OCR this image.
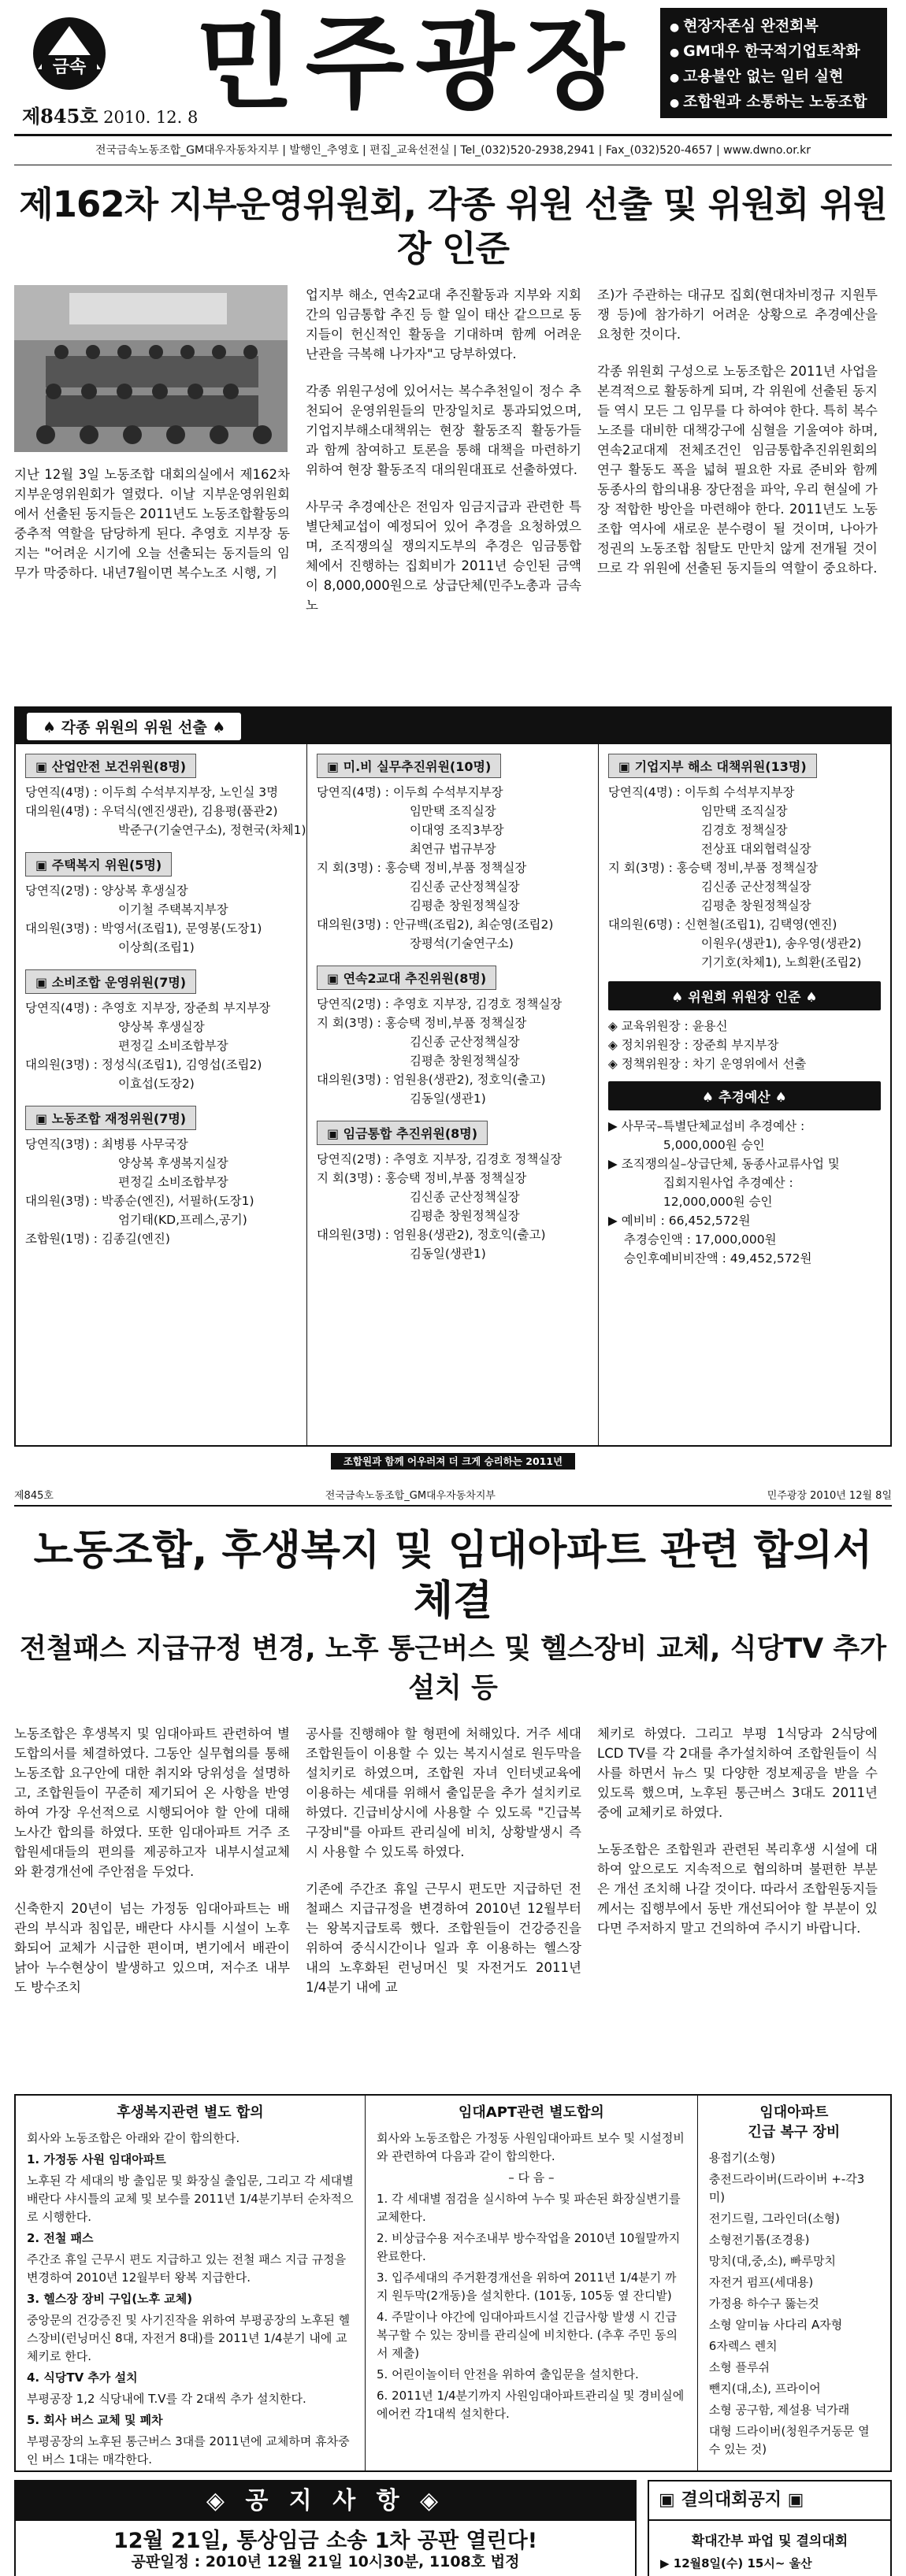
금속
제845호 2010. 12. 8
민주광장
●	현장자존심 완전회복
● GM대우 한국적기업토착화
● 고용불안 없는 일터 실현
● 조합원과 소통하는 노동조합
전국금속노동조합_GM대우자동차지부 | 발행인_추영호 | 편집_교육선전실 | Tel_(032)520-2938,2941 | Fax_(032)520-4657 | www.dwno.or.kr
제162차 지부운영위원회, 각종 위원 선출 및 위원회 위원장 인준

지난 12월 3일 노동조합 대회의실에서 제162차 지부운영위원회가 열렸다. 이날 지부운영위원회에서 선출된 동지들은 2011년도 노동조합활동의 중추적 역할을 담당하게 된다. 추영호 지부장 동지는 "어려운 시기에 오늘 선출되는 동지들의 임무가 막중하다. 내년7월이면 복수노조 시행, 기

업지부 해소, 연속2교대 추진활동과 지부와 지회간의 임금통합 추진 등 할 일이 태산 같으므로 동지들이 헌신적인 활동을 기대하며 함께 어려운 난관을 극복해 나가자"고 당부하였다.

각종 위원구성에 있어서는 복수추천일이 정수 추천되어 운영위원들의 만장일치로 통과되었으며, 기업지부해소대책위는 현장 활동조직 활동가들과 함께 참여하고 토론을 통해 대책을 마련하기 위하여 현장 활동조직 대의원대표로 선출하였다.

사무국 추경예산은 전임자 임금지급과 관련한 특별단체교섭이 예정되어 있어 추경을 요청하였으며, 조직쟁의실 쟁의지도부의 추경은 임금통합 체에서 진행하는 집회비가 2011년 승인된 금액이 8,000,000원으로 상급단체(민주노총과 금속노

조)가 주관하는 대규모 집회(현대차비정규 지원투쟁 등)에 참가하기 어려운 상황으로 추경예산을 요청한 것이다.

각종 위원회 구성으로 노동조합은 2011년 사업을 본격적으로 활동하게 되며, 각 위원에 선출된 동지들 역시 모든 그 임무를 다 하여야 한다. 특히 복수노조를 대비한 대책강구에 심혈을 기울여야 하며, 연속2교대제 전체조건인 임금통합추진위원회의 연구 활동도 폭을 넓혀 필요한 자료 준비와 함께 동종사의 합의내용 장단점을 파악, 우리 현실에 가장 적합한 방안을 마련해야 한다. 2011년도 노동조합 역사에 새로운 분수령이 될 것이며, 나아가 정권의 노동조합 침탈도 만만치 않게 전개될 것이므로 각 위원에 선출된 동지들의 역할이 중요하다.

♠ 각종 위원의 위원 선출 ♠
▣ 산업안전 보건위원(8명)
당연직(4명) : 이두희 수석부지부장, 노인실 3명
대의원(4명) : 우덕식(엔진생관), 김용평(품관2)
박준구(기술연구소), 정현국(차체1)
▣ 주택복지 위원(5명)
당연직(2명) : 양상복 후생실장
이기철 주택복지부장
대의원(3명) : 박영서(조립1), 문영봉(도장1)
이상희(조립1)
▣ 소비조합 운영위원(7명)
당연직(4명) : 추영호 지부장, 장준희 부지부장
양상복 후생실장
편정길 소비조합부장
대의원(3명) : 정성식(조립1), 김영섭(조립2)
이효섭(도장2)
▣ 노동조합 재정위원(7명)
당연직(3명) : 최병룡 사무국장
양상복 후생복지실장
편정길 소비조합부장
대의원(3명) : 박종순(엔진), 서필하(도장1)
엄기태(KD,프레스,공기)
조합원(1명) : 김종길(엔진)
▣ 미.비 실무추진위원(10명)
당연직(4명) : 이두희 수석부지부장
임만택 조직실장
이대영 조직3부장
최연규 법규부장
지 회(3명) : 홍승택 정비,부품 정책실장
김신종 군산정책실장
김평춘 창원정책실장
대의원(3명) : 안규백(조립2), 최순영(조립2)
장평석(기술연구소)
▣ 연속2교대 추진위원(8명)
당연직(2명) : 추영호 지부장, 김경호 정책실장
지 회(3명) : 홍승택 정비,부품 정책실장
김신종 군산정책실장
김평춘 창원정책실장
대의원(3명) : 엄원용(생관2), 정호익(출고)
김동일(생관1)
▣ 임금통합 추진위원(8명)
당연직(2명) : 추영호 지부장, 김경호 정책실장
지 회(3명) : 홍승택 정비,부품 정책실장
김신종 군산정책실장
김평춘 창원정책실장
대의원(3명) : 엄원용(생관2), 정호익(출고)
김동일(생관1)
▣ 기업지부 해소 대책위원(13명)
당연직(4명) : 이두희 수석부지부장
임만택 조직실장
김경호 정책실장
전상표 대외협력실장
지 회(3명) : 홍승택 정비,부품 정책실장
김신종 군산정책실장
김평춘 창원정책실장
대의원(6명) : 신현철(조립1), 김택영(엔진)
이원우(생관1), 송우영(생관2)
기기호(차체1), 노희환(조립2)
♠ 위원회 위원장 인준 ♠
◈ 교육위원장 : 윤용신
◈ 정치위원장 : 장준희 부지부장
◈ 정책위원장 : 차기 운영위에서 선출
♠ 추경예산 ♠
▶ 사무국–특별단체교섭비 추경예산 :
5,000,000원 승인
▶ 조직쟁의실–상급단체, 동종사교류사업 및
집회지원사업 추경예산 :
12,000,000원 승인
▶ 예비비 : 66,452,572원
추경승인액 : 17,000,000원
승인후예비비잔액 : 49,452,572원
조합원과 함께 어우러져 더 크게 승리하는 2011년
제845호	전국금속노동조합_GM대우자동차지부	민주광장 2010년 12월 8일
노동조합, 후생복지 및 임대아파트 관련 합의서 체결
전철패스 지급규정 변경, 노후 통근버스 및 헬스장비 교체, 식당TV 추가설치 등

노동조합은 후생복지 및 임대아파트 관련하여 별도합의서를 체결하였다. 그동안 실무협의를 통해 노동조합 요구안에 대한 취지와 당위성을 설명하고, 조합원들이 꾸준히 제기되어 온 사항을 반영하여 가장 우선적으로 시행되어야 할 안에 대해 노사간 합의를 하였다. 또한 임대아파트 거주 조합원세대들의 편의를 제공하고자 내부시설교체와 환경개선에 주안점을 두었다.

신축한지 20년이 넘는 가정동 임대아파트는 배관의 부식과 침입문, 배란다 샤시틀 시설이 노후화되어 교체가 시급한 편이며, 변기에서 배관이 낡아 누수현상이 발생하고 있으며, 저수조 내부도 방수조치

공사를 진행해야 할 형편에 처해있다. 거주 세대조합원들이 이용할 수 있는 복지시설로 원두막을 설치키로 하였으며, 조합원 자녀 인터넷교육에 이용하는 세대를 위해서 출입문을 추가 설치키로 하였다. 긴급비상시에 사용할 수 있도록 "긴급복구장비"를 아파트 관리실에 비치, 상황발생시 즉시 사용할 수 있도록 하였다.

기존에 주간조 휴일 근무시 편도만 지급하던 전철패스 지급규정을 변경하여 2010년 12월부터는 왕복지급토록 했다. 조합원들이 건강증진을 위하여 중식시간이나 일과 후 이용하는 헬스장 내의 노후화된 런닝머신 및 자전거도 2011년 1/4분기 내에 교

체키로 하였다. 그리고 부평 1식당과 2식당에 LCD TV를 각 2대를 추가설치하여 조합원들이 식사를 하면서 뉴스 및 다양한 정보제공을 받을 수 있도록 했으며, 노후된 통근버스 3대도 2011년 중에 교체키로 하였다.

노동조합은 조합원과 관련된 복리후생 시설에 대하여 앞으로도 지속적으로 협의하며 불편한 부분은 개선 조치해 나갈 것이다. 따라서 조합원동지들께서는 집행부에서 동반 개선되어야 할 부분이 있다면 주저하지 말고 건의하여 주시기 바랍니다.

후생복지관련 별도 합의

회사와 노동조합은 아래와 같이 합의한다.

1. 가정동 사원 임대아파트

노후된 각 세대의 방 출입문 및 화장실 출입문, 그리고 각 세대별 배란다 샤시틀의 교체 및 보수를 2011년 1/4분기부터 순차적으로 시행한다.

2. 전철 패스

주간조 휴일 근무시 편도 지급하고 있는 전철 패스 지급 규정을 변경하여 2010년 12월부터 왕복 지급한다.

3. 헬스장 장비 구입(노후 교체)

중앙문의 건강증진 및 사기진작을 위하여 부평공장의 노후된 헬스장비(런닝머신 8대, 자전거 8대)를 2011년 1/4분기 내에 교체키로 한다.

4. 식당TV 추가 설치

부평공장 1,2 식당내에 T.V를 각 2대씩 추가 설치한다.

5. 회사 버스 교체 및 폐차

부평공장의 노후된 통근버스 3대를 2011년에 교체하며 휴차중인 버스 1대는 매각한다.

임대APT관련 별도합의

회사와 노동조합은 가정동 사원임대아파트 보수 및 시설정비와 관련하여 다음과 같이 합의한다.

– 다 음 –

1. 각 세대별 점검을 실시하여 누수 및 파손된 화장실변기를 교체한다.

2. 비상급수용 저수조내부 방수작업을 2010년 10월말까지 완료한다.

3. 입주세대의 주거환경개선을 위하여 2011년 1/4분기 까지 원두막(2개동)을 설치한다. (101동, 105동 옆 잔디밭)

4. 주말이나 야간에 임대아파트시설 긴급사항 발생 시 긴급 복구할 수 있는 장비를 관리실에 비치한다. (추후 주민 동의서 제출)

5. 어린이놀이터 안전을 위하여 출입문을 설치한다.

6. 2011년 1/4분기까지 사원임대아파트관리실 및 경비실에 에어컨 각1대씩 설치한다.

임대아파트
긴급 복구 장비

용접기(소형)

충전드라이버(드라이버 +-각3미)

전기드릴, 그라인더(소형)

소형전기톱(조경용)

망치(대,중,소), 빠루망치

자전거 펌프(세대용)

가정용 하수구 뚫는것

소형 알미늄 사다리 A자형

6자렉스 렌치

소형 플루쉬

뺀지(대,소), 프라이어

소형 공구함, 제설용 넉가래

대형 드라이버(청원주거동문 열수 있는 것)

◈ 공 지 사 항 ◈
12월 21일, 통상임금 소송 1차 공판 열린다!
공판일정 : 2010년 12월 21일 10시30분, 1108호 법정

▣ 결의대회공지 ▣
확대간부 파업 및 결의대회
▶ 12월8일(수) 15시~ 울산
